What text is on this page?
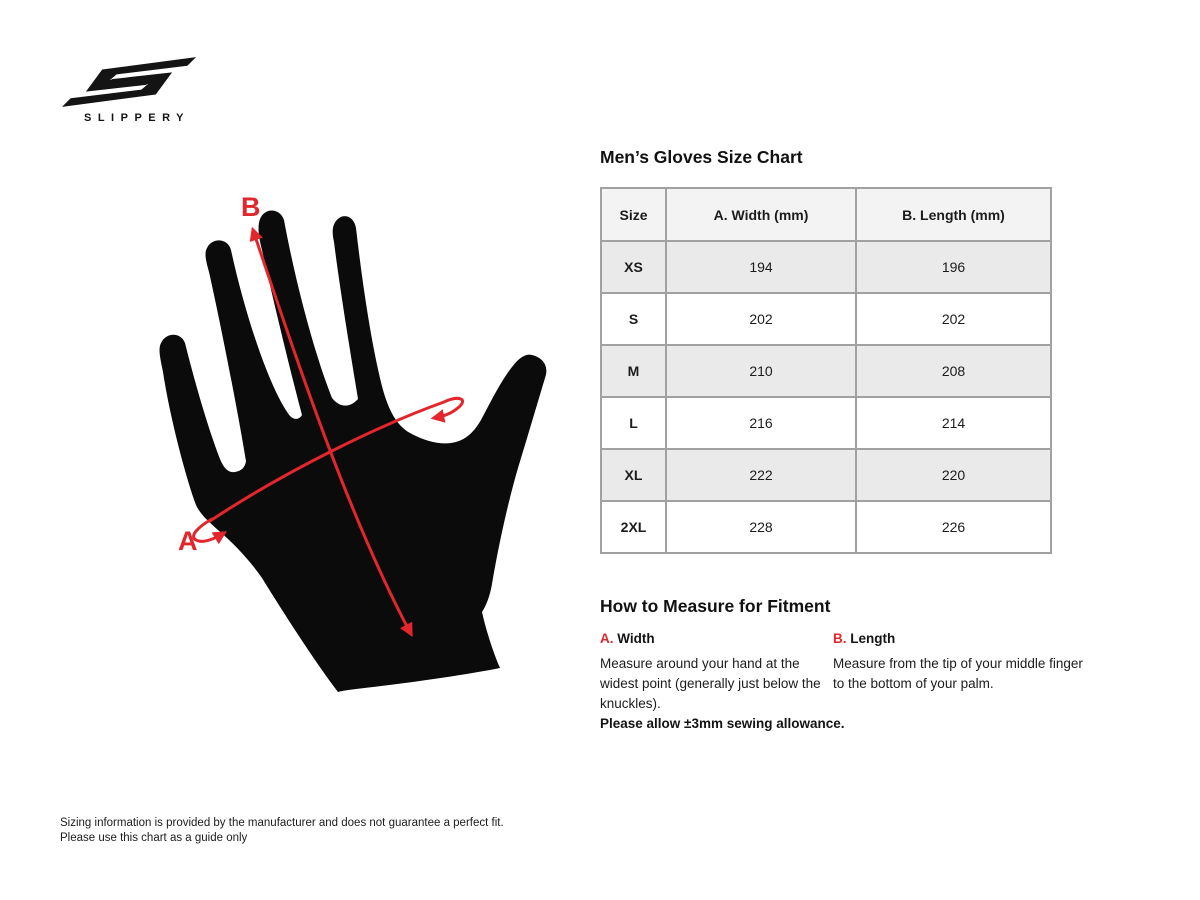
SLIPPERY
B
A
Men’s Gloves Size Chart
Size	A. Width (mm)	B. Length (mm)
XS	194	196
S	202	202
M	210	208
L	216	214
XL	222	220
2XL	228	226
How to Measure for Fitment
A. Width
Measure around your hand at the widest point (generally just below the knuckles).
B. Length
Measure from the tip of your middle finger to the bottom of your palm.
Please allow ±3mm sewing allowance.
Sizing information is provided by the manufacturer and does not guarantee a perfect fit.
Please use this chart as a guide only
